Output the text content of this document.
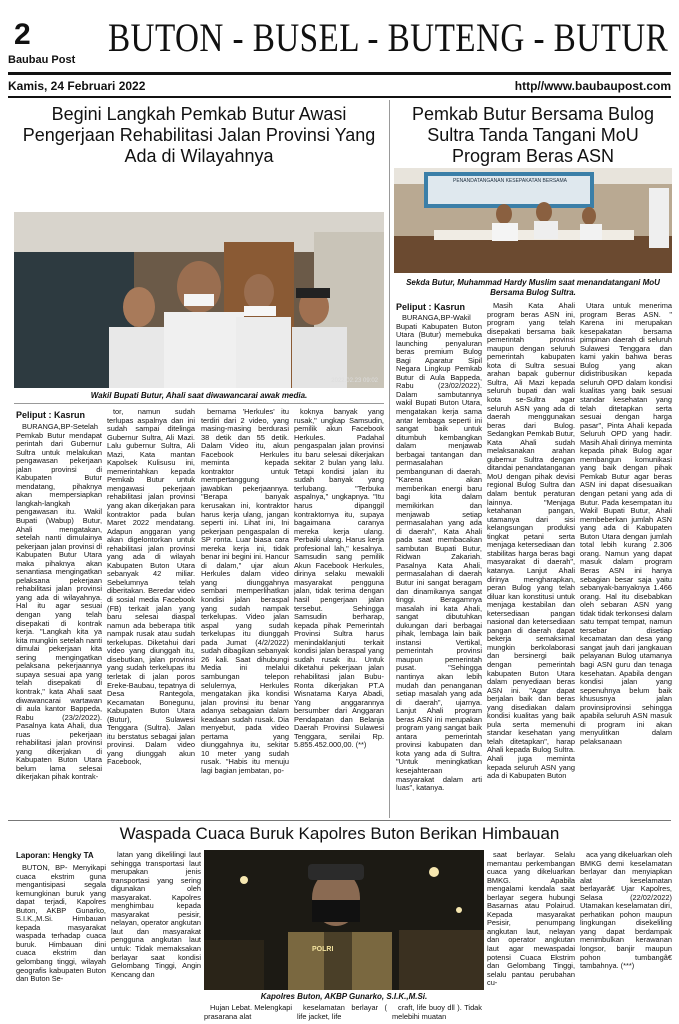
2
Baubau Post BUTON - BUSEL - BUTENG - BUTUR
Kamis, 24 Februari 2022	http//www.baubaupost.com
Begini Langkah Pemkab Butur Awasi Pengerjaan Rehabilitasi Jalan Provinsi Yang Ada di Wilayahnya
2022.02.23 09:02
Wakil Bupati Butur, Ahali saat diwawancarai awak media.
Peliput : Kasrun

BURANGA,BP-Setelah Pemkab Butur mendapat perintah dari Gubernur Sultra untuk melakukan pengawasan pekerjaan jalan provinsi di Kabupaten Butur mendatang, pihaknya akan mempersiapkan langkah-langkah pengawasan itu. Wakil Bupati (Wabup) Butur, Ahali mengatakan, setelah nanti dimulainya pekerjaan jalan provinsi di Kabupaten Butur Utara maka pihaknya akan senantiasa mengingatkan pelaksana pekerjaan rehabilitasi jalan provinsi yang ada di wilayahnya. Hal itu agar sesuai dengan yang telah disepakati di kontrak kerja. "Langkah kita ya kita mungkin setelah nanti dimulai pekerjaan kita sering mengingatkan pelaksana pekerjaannya supaya sesuai apa yang telah disepakati di kontrak," kata Ahali saat diwawancarai wartawan di aula kantor Bappeda, Rabu (23/2/2022). Pasalnya kata Ahali, dua ruas pekerjaan rehabilitasi jalan provinsi yang dikerjakan di Kabupaten Buton Utara belum lama selesai dikerjakan pihak kontrak-

tor, namun sudah terlupas aspalnya dan ini sudah sampai ditelinga Gubernur Sultra, Ali Mazi. Lalu gubernur Sultra, Ali Mazi, Kata mantan Kapolsek Kulisusu ini, memerintahkan kepada Pemkab Butur untuk mengawasi pekerjaan rehabilitasi jalan provinsi yang akan dikerjakan para kontraktor pada bulan Maret 2022 mendatang. Adapun anggaran yang akan digelontorkan untuk rehabilitasi jalan provinsi yang ada di wilayah Kabupaten Buton Utara sebanyak 42 miliar. Sebelumnya telah diberitakan. Beredar video di sosial media Facebook (FB) terkait jalan yang baru selesai diaspal namun ada beberapa titik nampak rusak atau sudah terkelupas. Diketahui dari video yang diunggah itu, disebutkan, jalan provinsi yang sudah terkelupas itu terletak di jalan poros Ereke-Baubau, tepatnya di Desa Rantegola, Kecamatan Bonegunu, Kabupaten Buton Utara (Butur), Sulawesi Tenggara (Sultra). Jalan itu berstatus sebagai jalan provinsi. Dalam video yang diunggah akun Facebook,

bernama 'Herkules' itu terdiri dari 2 video, yang masing-masing berdurasi 38 detik dan 55 detik. Dalam Video itu, akun Facebook Herkules meminta kepada kontraktor untuk mempertanggung jawabkan pekerjaannya. "Berapa banyak kerusakan ini, kontraktor harus kerja ulang, jangan seperti ini. Lihat ini, Ini pekerjaan pengaspalan di SP ronta. Luar biasa cara mereka kerja ini, tidak benar ini begini ini. Hancur di dalam," ujar akun Herkules dalam video yang diunggahnya sembari memperlihatkan kondisi jalan beraspal yang sudah nampak terkelupas. Video jalan aspal yang sudah terkelupas itu diunggah pada Jumat (4/2/2022) sudah dibagikan sebanyak 26 kali. Saat dihubungi Media ini melalui sambungan telepon selulernya, Herkules mengatakan jika kondisi jalan provinsi itu benar adanya sebagaian dalam keadaan sudah rusak. Dia menyebut, pada video pertama yang diunggahnya itu, sekitar 10 meter yang sudah rusak. "Habis itu menuju lagi bagian jembatan, po-

koknya banyak yang rusak," ungkap Samsudin, pemilik akun Facebook Herkules. Padahal pengaspalan jalan provinsi itu baru selesai dikerjakan sekitar 2 bulan yang lalu. Tetapi kondisi jalan itu sudah banyak yang terlubang. "Terbuka aspalnya," ungkapnya. "Itu harus dipanggil kontraktornya itu, supaya bagaimana caranya mereka kerja ulang. Perbaiki ulang. Harus kerja profesional lah," kesalnya. Samsudin sang pemilik Akun Facebook Herkules, dirinya selaku mewakili masyarakat pengguna jalan, tidak terima dengan hasil pengerjaan jalan tersebut. Sehingga Samsudin berharap, kepada pihak Pemerintah Provinsi Sultra harus menindaklanjuti terkait kondisi jalan beraspal yang sudah rusak itu. Untuk diketahui pekerjaan jalan rehabilitasi jalan Bubu-Ronta dikerjakan PT.A Wisnatama Karya Abadi, Yang anggarannya bersumber dari Anggaran Pendapatan dan Belanja Daerah Provinsi Sulawesi Tenggara, senilai Rp. 5.855.452.000,00. (**)

Pemkab Butur Bersama Bulog Sultra Tanda Tangani MoU Program Beras ASN
PENANDATANGANAN KESEPAKATAN BERSAMA
Sekda Butur, Muhammad Hardy Muslim saat menandatangani MoU Bersama Bulog Sultra.
Peliput : Kasrun

BURANGA,BP-Wakil Bupati Kabupaten Buton Utara (Butur) memebuka launching penyaluran beras premium Bulog Bagi Aparatur Sipil Negara Lingkup Pemkab Butur di Aula Bappeda, Rabu (23/02/2022). Dalam sambutannya wakil Bupati Buton Utara, mengatakan kerja sama antar lembaga seperti ini sangat baik untuk ditumbuh kembangkan dalam menjawab berbagai tantangan dan permasalahan pembangunan di daerah. "Karena akan memberikan energi baru bagi kita dalam memikirkan dan menjawab setiap permasalahan yang ada di daerah", Kata Ahali pada saat membacakan sambutan Bupati Butur, Ridwan Zakariah. Pasalnya Kata Ahali, permasalahan di daerah Butur ini sangat beragam dan dinamikanya sangat tinggi. Beragamnya masalah ini kata Ahali, sangat dibutuhkan dukungan dari berbagai pihak, lembaga lain baik instansi Vertikal, pemerintah provinsi maupun pemerintah pusat. "Sehingga nantinya akan lebih mudah dan penanganan setiap masalah yang ada di daerah", ujarnya. Lanjut Ahali program beras ASN ini merupakan program yang sangat baik antara pemerintah provinsi kabupaten dan kota yang ada di Sultra. "Untuk meningkatkan kesejahteraan masyarakat dalam arti luas", katanya.

Masih Kata Ahali program beras ASN ini, program yang telah disepakati bersama baik pemerintah provinsi maupun dengan seluruh pemerintah kabupaten kota di Sultra sesuai arahan bapak gubernur Sultra, Ali Mazi kepada seluruh bupati dan wali kota se-Sultra agar seluruh ASN yang ada di daerah menggunakan beras dari Bulog. Sedangkan Pemkab Butur, Kata Ahali sudah melaksanakan arahan gubernur Sultra dengan ditandai penandatanganan MoU dengan pihak devisi regional Bulog Sultra dan dalam bentuk peraturan lainnya. "Menjaga ketahanan pangan, utamanya dari sisi kelangsungan produksi tingkat petani serta menjaga ketersediaan dan stabilitas harga beras bagi masyarakat di daerah", katanya. Lanjut Ahali dirinya mengharapkan, peran Bulog yang telah diluar kan konstitusi untuk menjaga kestabilan dan ketersediaan pangan nasional dan ketersediaan pangan di daerah dapat bekerja semaksimal mungkin berkolaborasi dan bersinergi baik dengan pemerintah kabupaten Buton Utara dalam penyediaan beras ASN ini. "Agar dapat berjalan baik dan beras yang disediakan dalam kondisi kualitas yang baik pula serta memenuhi standar kesehatan yang telah ditetapkan", harap Ahali kepada Bulog Sultra. Ahali juga meminta kepada seluruh ASN yang ada di Kabupaten Buton

Utara untuk menerima program Beras ASN. " Karena ini merupakan kesepakatan bersama pimpinan daerah di seluruh Sulawesi Tenggara dan kami yakin bahwa beras Bulog yang akan didistribusikan kepada seluruh OPD dalam kondisi kualitas yang baik sesuai standar kesehatan yang telah ditetapkan serta sesuai dengan harga pasar", Pinta Ahali kepada Seluruh OPD yang hadir. Masih Ahali dirinya meminta kepada pihak Bulog agar membangun komunikasi yang baik dengan pihak Pemkab Butur agar beras ASN ini dapat disesuaikan dengan petani yang ada di Butur. Pada kesempatan itu Wakil Bupati Butur, Ahali membeberkan jumlah ASN yang ada di Kabupaten Buton Utara dengan jumlah total lebih kurang 2.306 orang. Namun yang dapat masuk dalam program Beras ASN ini hanya sebagian besar saja yaitu sebanyak-banyaknya 1.466 orang. Hal itu disebabkan oleh sebaran ASN yang tidak tidak terkonsesi dalam satu tempat tempat, namun tersebar disetiap kecamatan dan desa yang sangat jauh dari jangkauan pelayanan Bulog utamanya bagi ASN guru dan tenaga kesehatan. Apabila dengan kondisi jalan yang sepenuhnya belum baik khususnya jalan provinsiprovinsi sehingga apabila seluruh ASN masuk di program ini akan menyulitkan dalam pelaksanaan

Waspada Cuaca Buruk Kapolres Buton Berikan Himbauan
Laporan: Hengky TA

BUTON, BP- Menyikapi cuaca ekstrim guna mengantisipasi segala kemungkinan buruk yang dapat terjadi, Kapolres Buton, AKBP Gunarko, S.I.K.,M.Si. Himbauan kepada masyarakat waspada terhadap cuaca buruk. Himbauan dini cuaca ekstrim dan gelombang tinggi, wilayah geografis kabupaten Buton dan Buton Se-

latan yang dikelilingi laut sehingga transportasi laut merupakan jenis transportasi yang sering digunakan oleh masyarakat. Kapolres menghimbau kepada masyarakat pesisir, nelayan, operator angkutan laut dan masyarakat pengguna angkutan laut untuk: Tidak memaksakan berlayar saat kondisi Gelombang Tinggi, Angin Kencang dan

POLRI
Kapolres Buton, AKBP Gunarko, S.I.K.,M.Si.

Hujan Lebat. Melengkapi prasarana alat

keselamatan berlayar ( life jacket, life

craft, life buoy dll ). Tidak melebihi muatan

saat berlayar. Selalu memantau perkembangan cuaca yang dikeluarkan BMKG. Apabila mengalami kendala saat berlayar segera hubungi Basarnas atau Polairud. Kepada masyarakat Pesisir, penumpang angkutan laut, nelayan dan operator angkutan laut agar mewaspadai potensi Cuaca Ekstrim dan Gelombang Tinggi, selalu pantau perubahan cu-

aca yang dikeluarkan oleh BMKG demi keselamatan berlayar dan menyiapkan alat keselamatan berlayarâ€ Ujar Kapolres, Selasa (22/02/2022) Utamakan keselamatan diri, perhatikan pohon maupun lingkungan disekeliling yang dapat berdampak menimbulkan kerawanan longsor, banjir maupun pohon tumbangâ€ tambahnya. (***)
